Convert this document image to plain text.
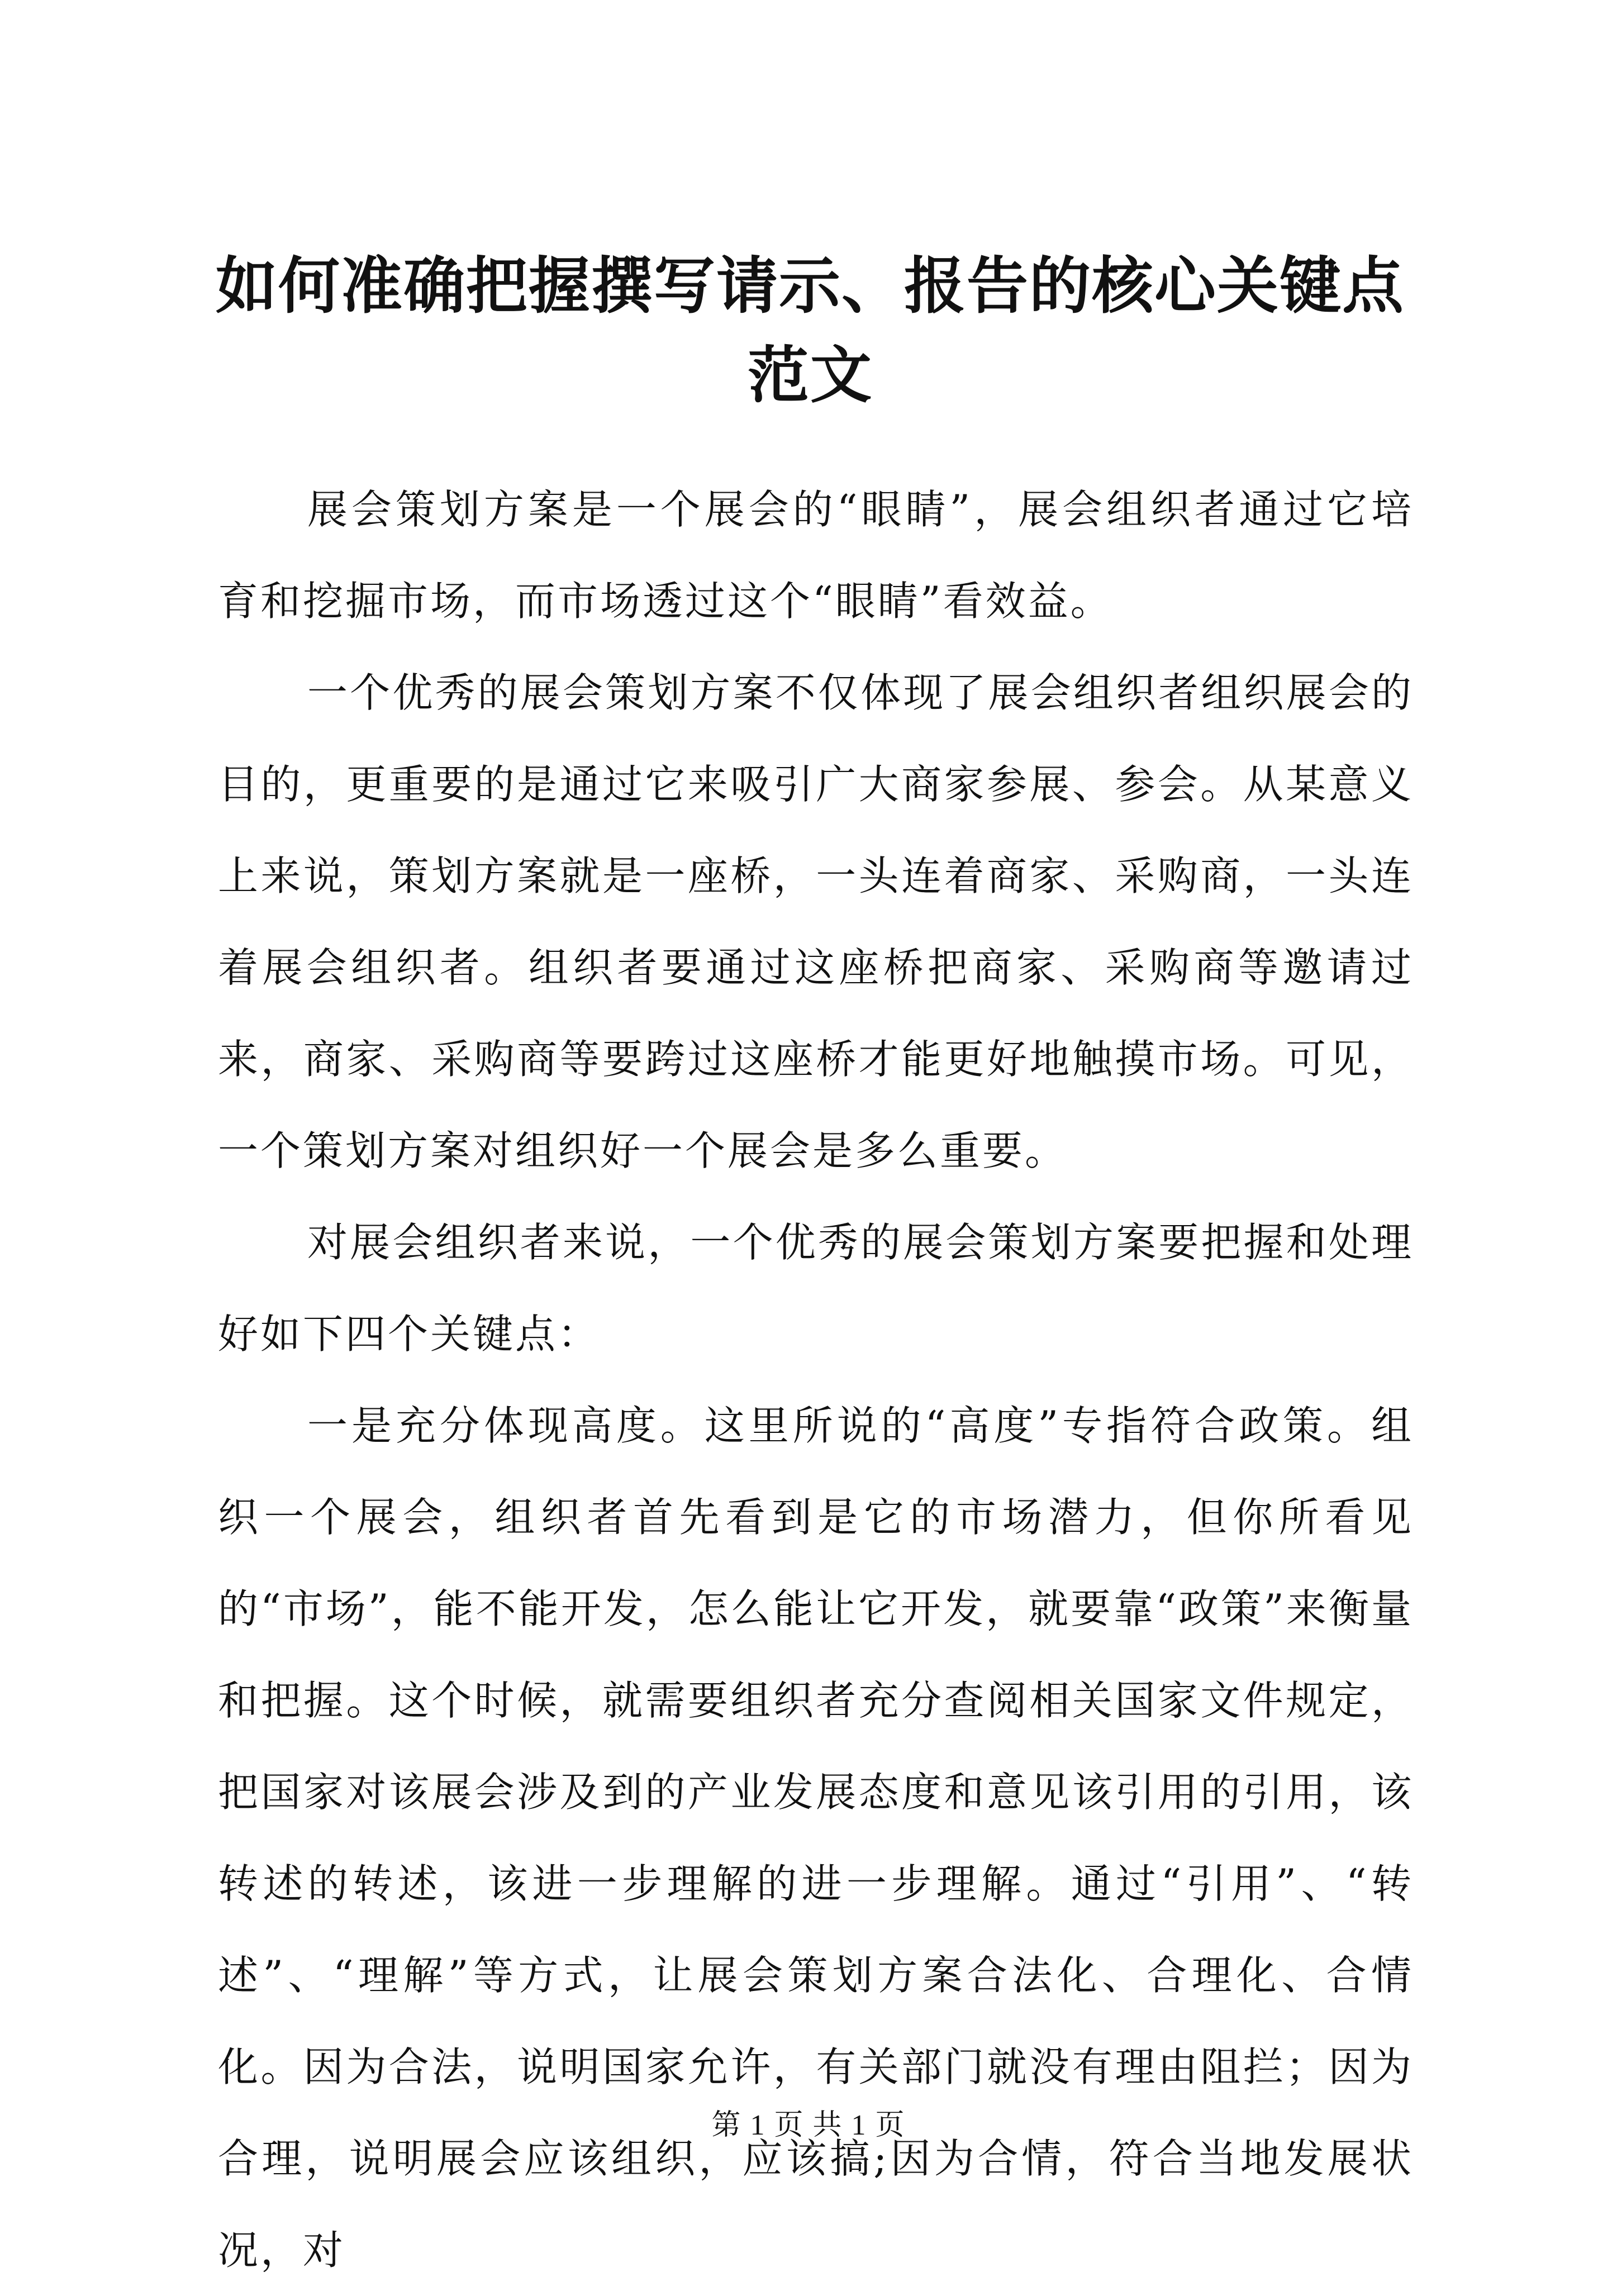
如何准确把握撰写请示、报告的核心关键点范文

展会策划方案是一个展会的“眼睛”，展会组织者通过它培育和挖掘市场，而市场透过这个“眼睛”看效益。

一个优秀的展会策划方案不仅体现了展会组织者组织展会的目的，更重要的是通过它来吸引广大商家参展、参会。从某意义上来说，策划方案就是一座桥，一头连着商家、采购商，一头连着展会组织者。组织者要通过这座桥把商家、采购商等邀请过来，商家、采购商等要跨过这座桥才能更好地触摸市场。可见，一个策划方案对组织好一个展会是多么重要。

对展会组织者来说，一个优秀的展会策划方案要把握和处理好如下四个关键点：

一是充分体现高度。这里所说的“高度”专指符合政策。组织一个展会，组织者首先看到是它的市场潜力，但你所看见的“市场”，能不能开发，怎么能让它开发，就要靠“政策”来衡量和把握。这个时候，就需要组织者充分查阅相关国家文件规定，把国家对该展会涉及到的产业发展态度和意见该引用的引用，该转述的转述，该进一步理解的进一步理解。通过“引用”、“转述”、“理解”等方式，让展会策划方案合法化、合理化、合情化。因为合法，说明国家允许，有关部门就没有理由阻拦；因为合理，说明展会应该组织，应该搞;因为合情，符合当地发展状况，对

第 1 页 共 1 页
